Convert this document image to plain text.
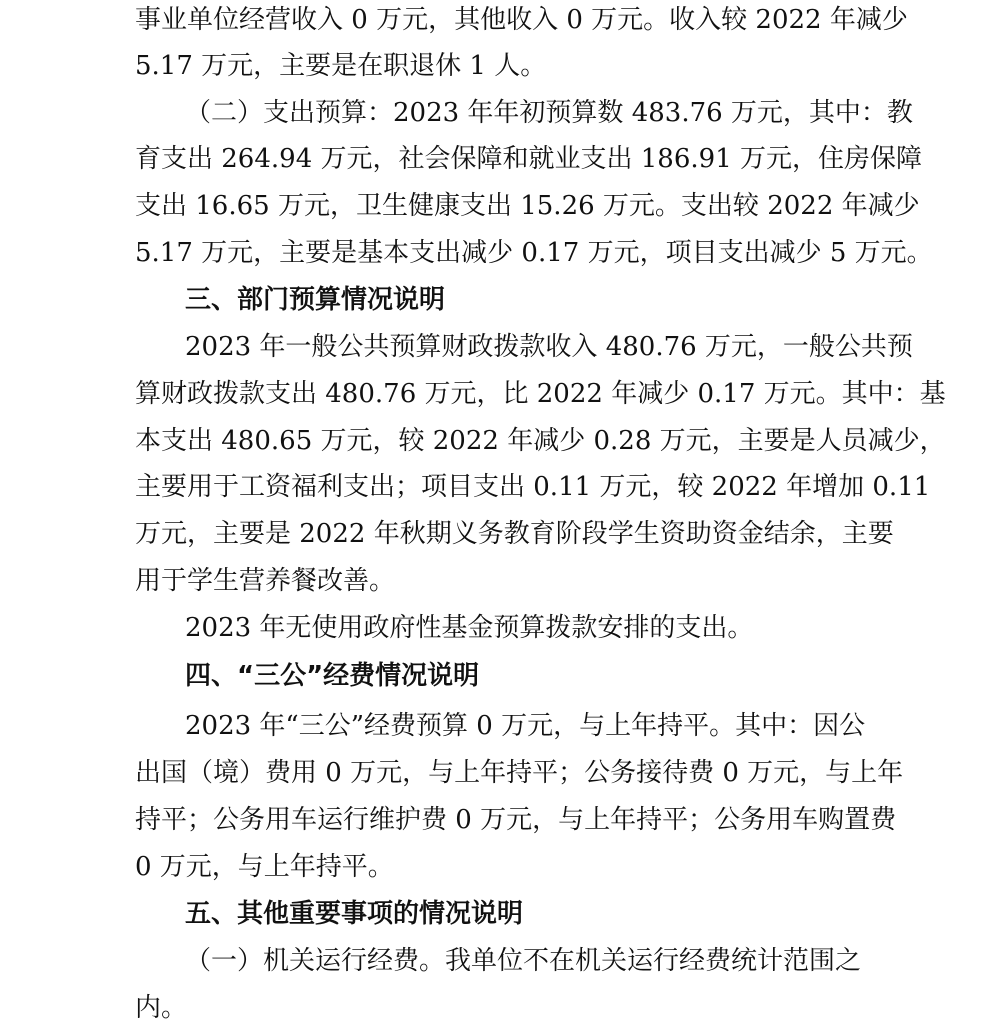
事业单位经营收入 0 万元，其他收入 0 万元。收入较 2022 年减少
5.17 万元，主要是在职退休 1 人。
（二）支出预算：2023 年年初预算数 483.76 万元，其中：教
育支出 264.94 万元，社会保障和就业支出 186.91 万元，住房保障
支出 16.65 万元，卫生健康支出 15.26 万元。支出较 2022 年减少
5.17 万元，主要是基本支出减少 0.17 万元，项目支出减少 5 万元。
三、部门预算情况说明
2023 年一般公共预算财政拨款收入 480.76 万元，一般公共预
算财政拨款支出 480.76 万元，比 2022 年减少 0.17 万元。其中：基
本支出 480.65 万元，较 2022 年减少 0.28 万元，主要是人员减少，
主要用于工资福利支出；项目支出 0.11 万元，较 2022 年增加 0.11
万元，主要是 2022 年秋期义务教育阶段学生资助资金结余，主要
用于学生营养餐改善。
2023 年无使用政府性基金预算拨款安排的支出。
四、“三公”经费情况说明
2023 年“三公”经费预算 0 万元，与上年持平。其中：因公
出国（境）费用 0 万元，与上年持平；公务接待费 0 万元，与上年
持平；公务用车运行维护费 0 万元，与上年持平；公务用车购置费
0 万元，与上年持平。
五、其他重要事项的情况说明
（一）机关运行经费。我单位不在机关运行经费统计范围之
内。
